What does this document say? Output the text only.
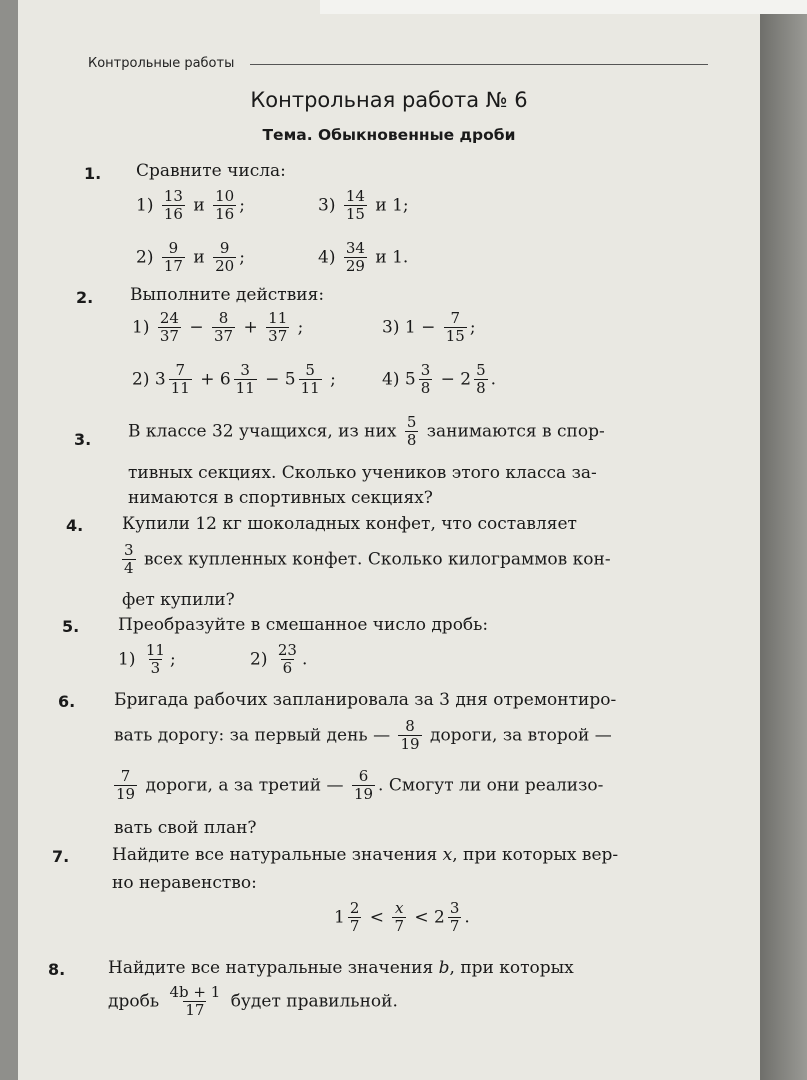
Контрольные работы
Контрольная работа № 6
Тема. Обыкновенные дроби
1. Сравните числа:
$1) \frac{13}{16}$ и $\frac{10}{16}$ ;	$3) \frac{14}{15}$ и 1;
$2) \frac{9}{17}$ и $\frac{9}{20}$ ;	$4) \frac{34}{29}$ и 1.
2. Выполните действия:
$1) \frac{24}{37} - \frac{8}{37} + \frac{11}{37}$ ;	3) $1 - \frac{7}{15}$ ;
2) $3 \frac{7}{11} + 6 \frac{3}{11} - 5 \frac{5}{11}$ ;	4) $5 \frac{3}{8} - 2 \frac{5}{8}$ .
3. В классе 32 учащихся, из них $\frac{5}{8}$ занимаются в спор-
тивных секциях. Сколько учеников этого класса за-
нимаются в спортивных секциях?
4. Купили 12 кг шоколадных конфет, что составляет
$\frac{3}{4}$ всех купленных конфет. Сколько килограммов кон-
фет купили?
5. Преобразуйте в смешанное число дробь:
$1) \frac{11}{3}$ ;	$2) \frac{23}{6}$ .
6. Бригада рабочих запланировала за 3 дня отремонтиро-
вать дорогу: за первый день — $\frac{8}{19}$ дороги, за второй —
$\frac{7}{19}$ дороги, а за третий — $\frac{6}{19}$ . Смогут ли они реализо-
вать свой план?
7.	Найдите все натуральные значения x, при которых вер-
но неравенство:
$1 \frac{2}{7} < \frac{x}{7} < 2 \frac{3}{7}$ .
8.	Найдите все натуральные значения b, при которых
дробь $\frac{4b + 1}{17}$ будет правильной.
